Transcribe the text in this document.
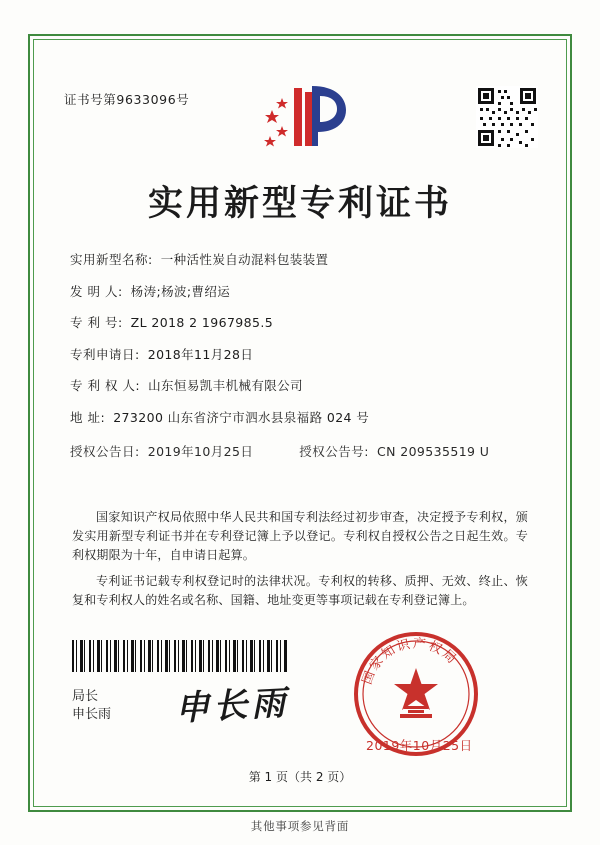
证书号第9633096号
实用新型专利证书
实用新型名称: 一种活性炭自动混料包装装置
发 明 人: 杨涛;杨波;曹绍运
专 利 号: ZL 2018 2 1967985.5
专利申请日: 2018年11月28日
专 利 权 人: 山东恒易凯丰机械有限公司
地 址: 273200 山东省济宁市泗水县泉福路 024 号
授权公告日: 2019年10月25日	授权公告号: CN 209535519 U

国家知识产权局依照中华人民共和国专利法经过初步审查，决定授予专利权，颁发实用新型专利证书并在专利登记簿上予以登记。专利权自授权公告之日起生效。专利权期限为十年，自申请日起算。

专利证书记载专利权登记时的法律状况。专利权的转移、质押、无效、终止、恢复和专利权人的姓名或名称、国籍、地址变更等事项记载在专利登记簿上。

局长
申长雨 申长雨
国家知识产权局
2019年10月25日
第 1 页（共 2 页）
其他事项参见背面
